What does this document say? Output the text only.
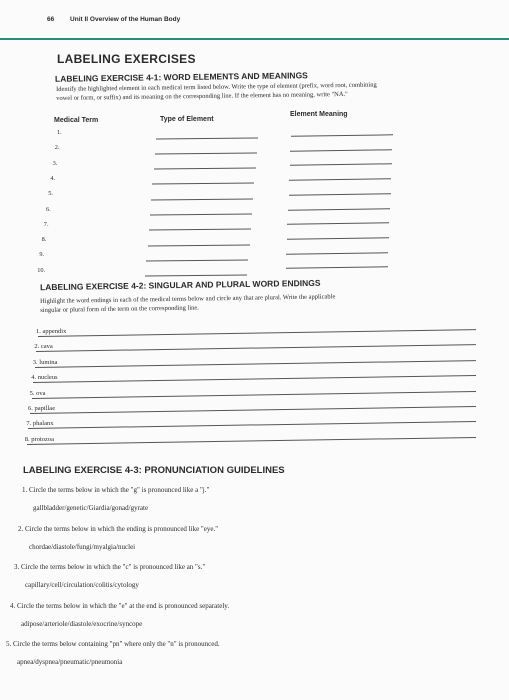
66 Unit II Overview of the Human Body
LABELING EXERCISES
LABELING EXERCISE 4-1: WORD ELEMENTS AND MEANINGS
Identify the highlighted element in each medical term listed below. Write the type of element (prefix, word root, combining
vowel or form, or suffix) and its meaning on the corresponding line. If the element has no meaning, write "NA."
Medical Term	Type of Element
Element Meaning
1.
2.
3.
4.
5.
6.
7.
8.
9.
10.
LABELING EXERCISE 4-2: SINGULAR AND PLURAL WORD ENDINGS
Highlight the word endings in each of the medical terms below and circle any that are plural. Write the applicable
singular or plural form of the term on the corresponding line.
1. appendix
2. cava
3. lumina
4. nucleus
5. ova
6. papillae
7. phalanx
8. protozoa
LABELING EXERCISE 4-3: PRONUNCIATION GUIDELINES
1. Circle the terms below in which the "g" is pronounced like a "j."
gallbladder/genetic/Giardia/gonad/gyrate
2. Circle the terms below in which the ending is pronounced like "eye."
chordae/diastole/fungi/myalgia/nuclei
3. Circle the terms below in which the "c" is pronounced like an "s."
capillary/cell/circulation/colitis/cytology
4. Circle the terms below in which the "e" at the end is pronounced separately.
adipose/arteriole/diastole/exocrine/syncope
5. Circle the terms below containing "pn" where only the "n" is pronounced.
apnea/dyspnea/pneumatic/pneumonia
